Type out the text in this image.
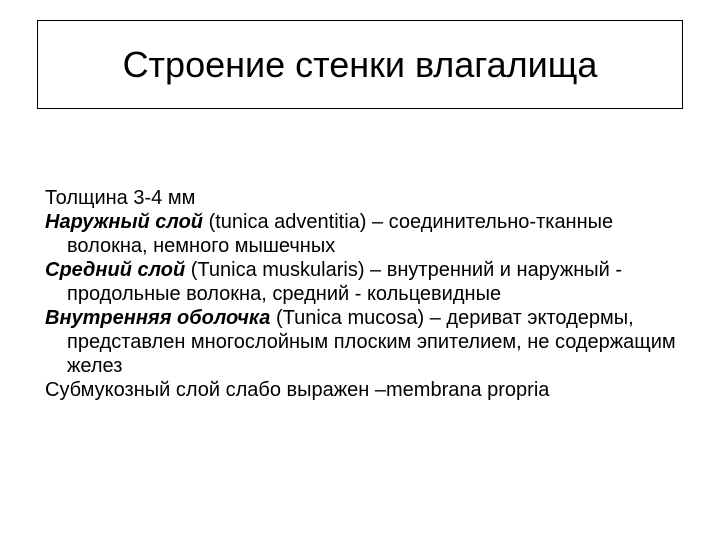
Строение стенки влагалища

Толщина 3-4 мм

Наружный слой (tunica adventitia) – соединительно-тканные волокна, немного мышечных

Средний слой (Tunica muskularis) – внутренний и наружный - продольные волокна, средний - кольцевидные

Внутренняя оболочка (Tunica mucosa) – дериват эктодермы, представлен многослойным плоским эпителием, не содержащим желез

Субмукозный слой слабо выражен –membrana propria
